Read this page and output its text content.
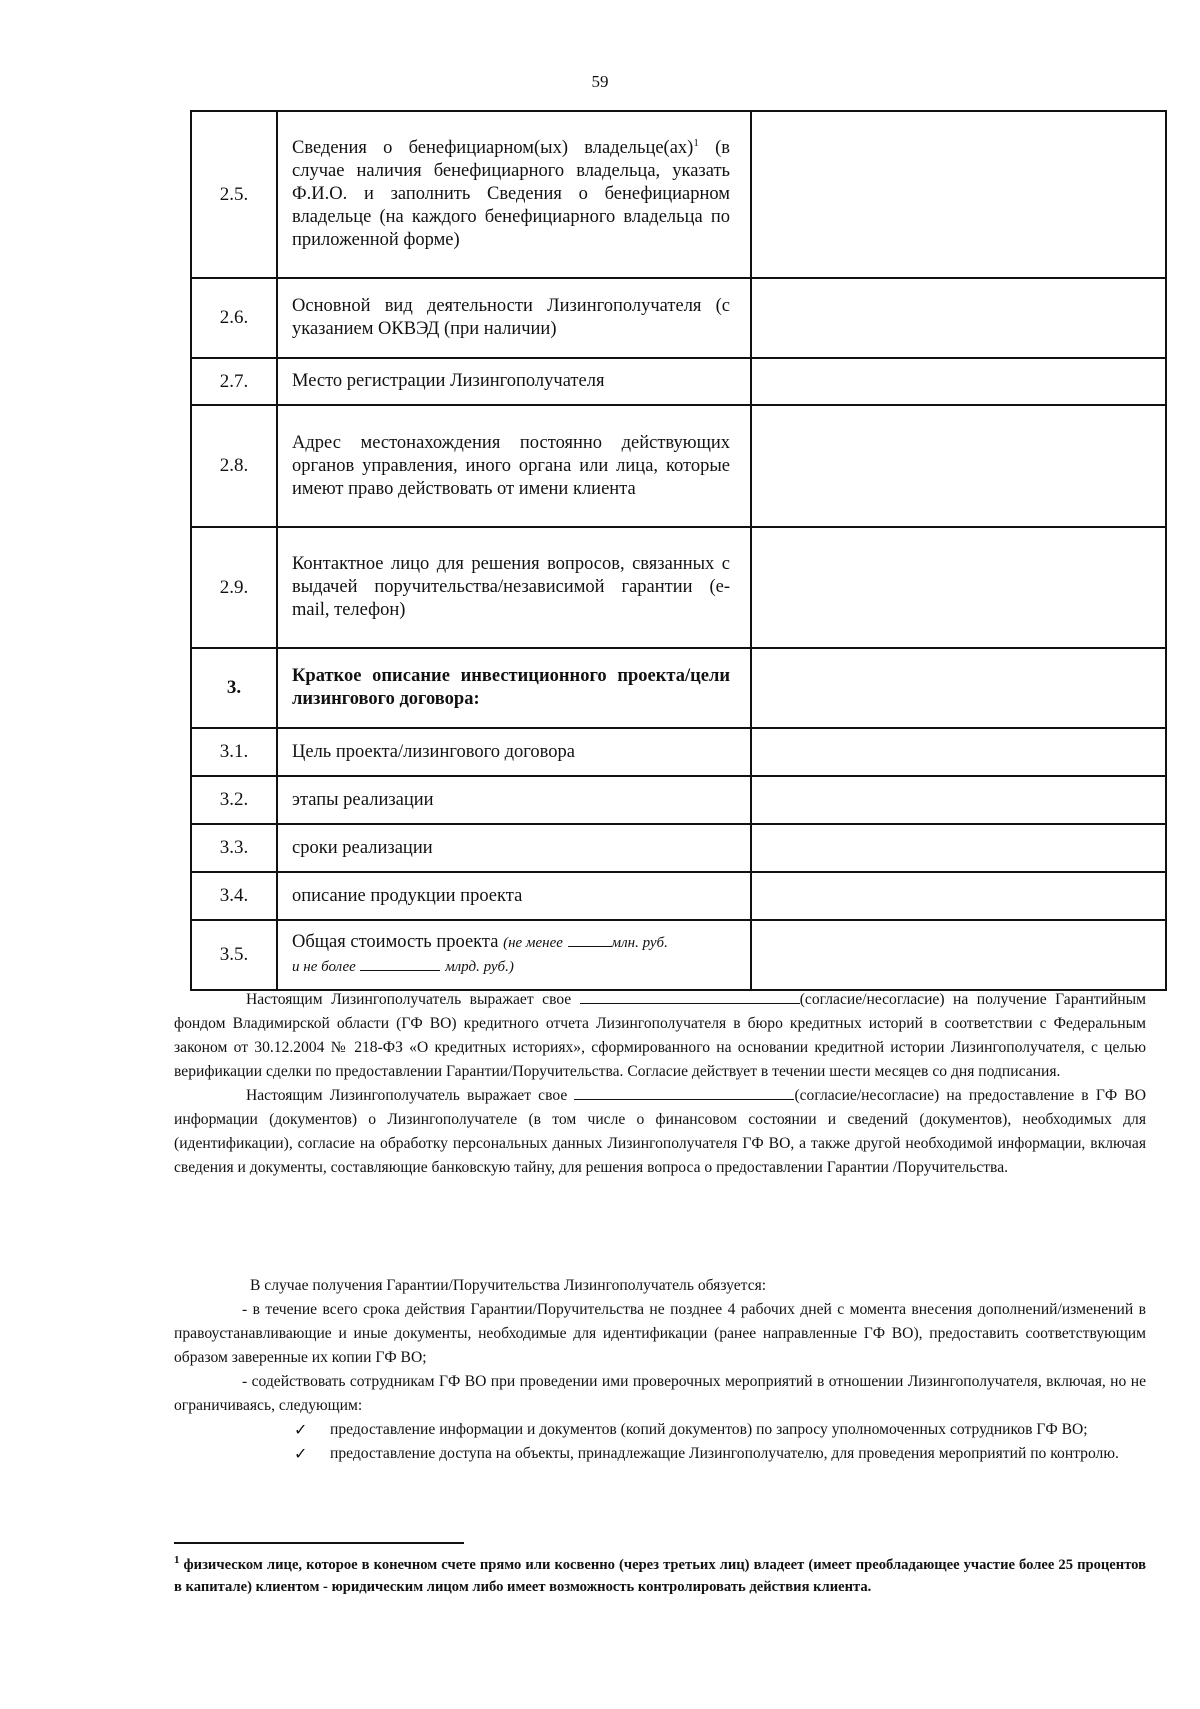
59
2.5.	Сведения о бенефициарном(ых) владельце(ах)$^1$ (в случае наличия бенефициарного владельца, указать Ф.И.О. и заполнить Сведения о бенефициарном владельце (на каждого бенефициарного владельца по приложенной форме)	

2.6.	Основной вид деятельности Лизингополучателя (с указанием ОКВЭД (при наличии)	

2.7.	Место регистрации Лизингополучателя	

2.8.	Адрес местонахождения постоянно действующих органов управления, иного органа или лица, которые имеют право действовать от имени клиента	

2.9.	Контактное лицо для решения вопросов, связанных с выдачей поручительства/независимой гарантии (e-mail, телефон)	

3.	Краткое описание инвестиционного проекта/цели лизингового договора:	

3.1.	Цель проекта/лизингового договора	

3.2.	этапы реализации	

3.3.	сроки реализации	

3.4.	описание продукции проекта	

3.5.	Общая стоимость проекта (не менее млн. руб.
и не более млрд. руб.)	

Настоящим Лизингополучатель выражает свое	(согласие/несогласие) на получение Гарантийным фондом Владимирской области (ГФ ВО) кредитного отчета Лизингополучателя в бюро кредитных историй в соответствии с Федеральным законом от 30.12.2004 № 218-ФЗ «О кредитных историях», сформированного на основании кредитной истории Лизингополучателя, с целью верификации сделки по предоставлении Гарантии/Поручительства. Согласие действует в течении шести месяцев со дня подписания.

Настоящим Лизингополучатель выражает свое	(согласие/несогласие) на предоставление в ГФ ВО информации (документов) о Лизингополучателе (в том числе о финансовом состоянии и сведений (документов), необходимых для (идентификации), согласие на обработку персональных данных Лизингополучателя ГФ ВО, а также другой необходимой информации, включая сведения и документы, составляющие банковскую тайну, для решения вопроса о предоставлении Гарантии /Поручительства.

В случае получения Гарантии/Поручительства Лизингополучатель обязуется:

- в течение всего срока действия Гарантии/Поручительства не позднее 4 рабочих дней с момента внесения дополнений/изменений в правоустанавливающие и иные документы, необходимые для идентификации (ранее направленные ГФ ВО), предоставить соответствующим образом заверенные их копии ГФ ВО;

- содействовать сотрудникам ГФ ВО при проведении ими проверочных мероприятий в отношении Лизингополучателя, включая, но не ограничиваясь, следующим:

✓	предоставление информации и документов (копий документов) по запросу уполномоченных сотрудников ГФ ВО;
✓	предоставление доступа на объекты, принадлежащие Лизингополучателю, для проведения мероприятий по контролю.
$^1$ физическом лице, которое в конечном счете прямо или косвенно (через третьих лиц) владеет (имеет преобладающее участие более 25 процентов в капитале) клиентом - юридическим лицом либо имеет возможность контролировать действия клиента.
